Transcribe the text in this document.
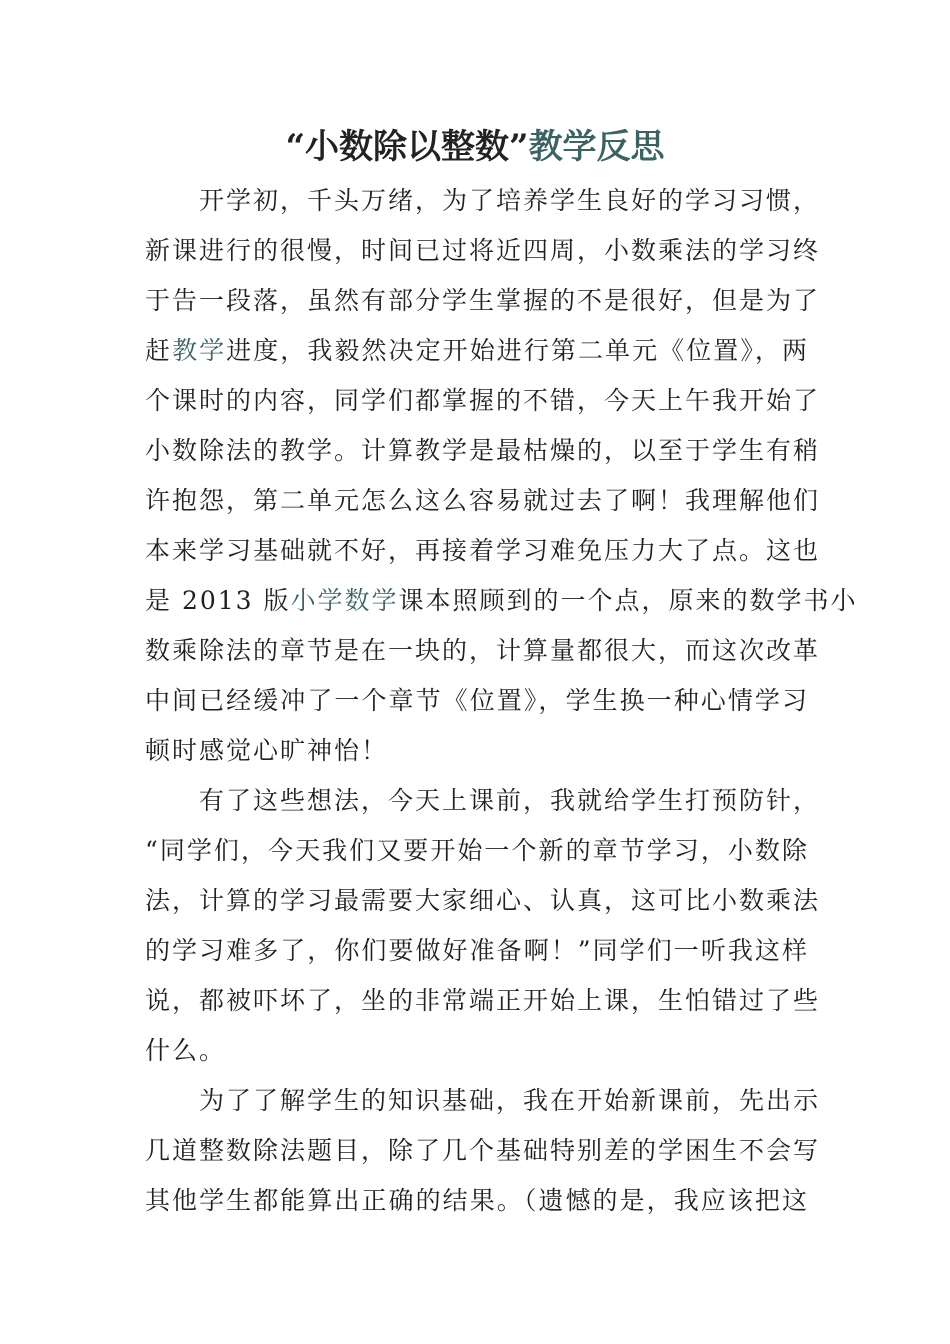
“小数除以整数”教学反思
　　开学初，千头万绪，为了培养学生良好的学习习惯，
新课进行的很慢，时间已过将近四周，小数乘法的学习终
于告一段落，虽然有部分学生掌握的不是很好，但是为了
赶教学进度，我毅然决定开始进行第二单元《位置》，两
个课时的内容，同学们都掌握的不错，今天上午我开始了
小数除法的教学。计算教学是最枯燥的，以至于学生有稍
许抱怨，第二单元怎么这么容易就过去了啊！我理解他们
本来学习基础就不好，再接着学习难免压力大了点。这也
是 2013 版小学数学课本照顾到的一个点，原来的数学书小
数乘除法的章节是在一块的，计算量都很大，而这次改革
中间已经缓冲了一个章节《位置》，学生换一种心情学习
顿时感觉心旷神怡！
　　有了这些想法，今天上课前，我就给学生打预防针，
“同学们，今天我们又要开始一个新的章节学习，小数除
法，计算的学习最需要大家细心、认真，这可比小数乘法
的学习难多了，你们要做好准备啊！”同学们一听我这样
说，都被吓坏了，坐的非常端正开始上课，生怕错过了些
什么。
　　为了了解学生的知识基础，我在开始新课前，先出示
几道整数除法题目，除了几个基础特别差的学困生不会写
其他学生都能算出正确的结果。（遗憾的是，我应该把这
